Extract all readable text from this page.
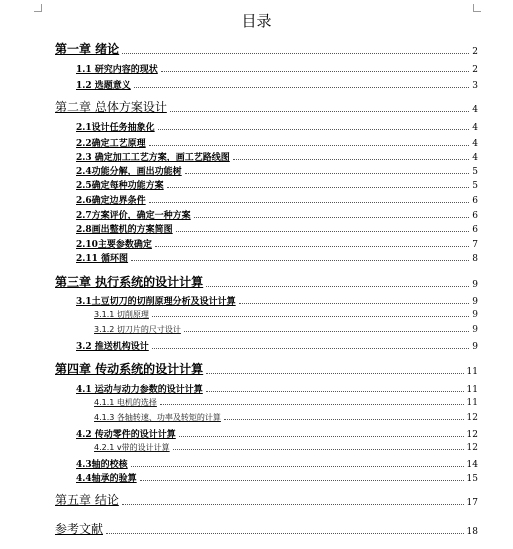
目录
第一章 绪论	2
1.1 研究内容的现状	2
1.2 选题意义	3
第二章 总体方案设计	4
2.1设计任务抽象化	4
2.2确定工艺原理	4
2.3 确定加工工艺方案，画工艺路线图	4
2.4功能分解，画出功能树	5
2.5确定每种功能方案	5
2.6确定边界条件	6
2.7方案评价，确定一种方案	6
2.8画出整机的方案简图	6
2.10主要参数确定	7
2.11 循环图	8
第三章 执行系统的设计计算	9
3.1土豆切刀的切削原理分析及设计计算	9
3.1.1 切削原理	9
3.1.2 切刀片的尺寸设计	9
3.2 推送机构设计	9
第四章 传动系统的设计计算	11
4.1 运动与动力参数的设计计算	11
4.1.1 电机的选择	11
4.1.3 各轴转速、功率及转矩的计算	12
4.2 传动零件的设计计算	12
4.2.1 v带的设计计算	12
4.3轴的校核	14
4.4轴承的验算	15
第五章 结论	17
参考文献	18
